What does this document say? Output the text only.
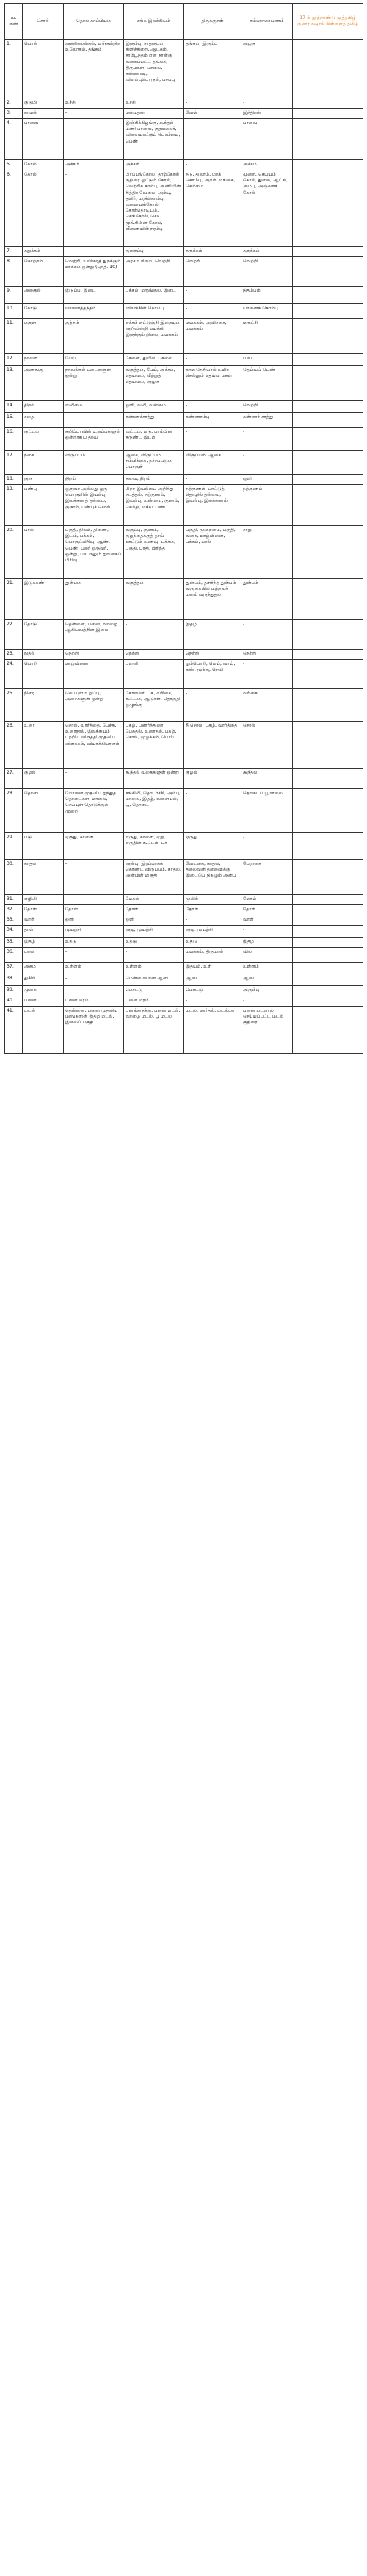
வ. எண்	சொல்	தொல் காப்பியம்	சங்க இலக்கியம்	திருக்குறள்	கம்பராமாயணம்	17-ம் நூற்றாண்டு முத்தமிழ் குமார கவுசல் பிள்ளைத் தமிழ்
1.	பொன்	அணிகலன்கள், மஞ்சள்நிற உலோகம், தங்கம்	இரும்பு, சாதரூபம், கிளிச்சிறை, ஆடகம், சாம்பூநதம் என நான்கு வகைப்பட்ட தங்கம், திருமகள், பசலை, கண்ணாடி, விளம்புபொருள், பசப்பு	தங்கம், இரும்பு	அழகு	
2.	குடுமி	உச்சி	உச்சி	-	-	
3.	காமன்	-	மன்மதன்	வேள்	இந்திரன்	
4.	பாவை	-	இஞ்சிக்கிழங்கு, கூந்தல் மணி பாவை, குரவமலர், விளையாட்டுப் பொம்மை, பெண்	-	பாவை	
5.	கோல்	அச்சம்	அச்சம்	-	அச்சம்	
6.	கோல்	-	பிரப்பங்கோல், தாழ்கோல் குதிரை ஓட்டும் கோல், வெற்றிக் காம்பு, அணியின் சித்திர வேலை, அம்பு, தளிர், மரக்கொம்பு, வளையுங்கோல், கோற்தொடியும், செங்கோல், செடி, மூங்கிலின் கோல், வீணையின் நரம்பு	நடு, துலாம், மரக் கொம்பு, அறம், மங்கை, செம்மை	முறை, செய்யும் கோல், துலை, ஆட்சி, அம்பு, அஞ்சனக் கோல்	
7.	சுறுக்கம்	-	குறைப்பு	சுருக்கம்	சுருக்கம்	
8.	கொற்றம்	வெற்றி, உயிரைத் துறக்கும் ஊக்கம் ஒன்று (புறத். 10)	அரச உரிமை, வெற்றி	வெற்றி	வெற்றி	
9.	அலகுல்	இடுப்பு, இடை	பக்கம், மருங்குல், இடை	-	நிதம்பம்	
10.	கோடு	யானைத்தந்தம்	விலங்கின் கொம்பு	-	யானைக் கொம்பு	
11.	மருள்	குற்றம்	எச்சம் எட்டுஞ்சி இறையும் அறிவின்றி மயக்கி இருக்கும் நிலை, மயக்கம்	மயக்கம், அவிச்சை, மயக்கம்	மருட்சி	
12.	நாளை	பேய்	சேனை, துயில், புகலை	-	படை	
13.	அணங்கு	நாவல்கல் படைகளுள் ஒன்று	வருத்தம், பேய், அச்சம், தெய்வம், வீற்றுத் தெய்வம், அழகு	காம நெறியால் உயிர் செல்லும் தெய்வ மகள்	தெய்வப் பெண்	
14.	திறல்	வலிமை	ஒளி, வலி, வன்மை	-	வெற்றி	
15.	சதை	-	கண்ணச்சாத்து	கண்ணாம்பு	கண்ணச் சாத்து	
16.	குட்டம்	கலிப்பாவின் உறுப்புகளுள் ஒன்றாகிய தரவு	வட்டம், மடு, பாம்பின் சுருண்ட இடம்	-	-	
17.	நசை	விருப்பம்	ஆசை, விருப்பம், நம்பிக்கை, நச்சப்படும் பொருள்	விருப்பம், ஆசை	-	
18.	குரு	நிறம்	சுவை, நிறம்	-	ஒளி	
19.	பண்பு	ஒருவர் அல்லது ஒரு பொருளின் இயல்பு, இலக்கணத் தன்மை, குணம், பண்புச் சொல்	பிறர் இயல்பை அறிந்து நடத்தல், நற்குணம், இயல்பு, உண்மை, குணம், செய்தி, மக்கட்பண்பு	நற்குணம், பாட்டுத் தொழில் தன்மை, இயல்பு, இலக்கணம்	நற்குணம்	
20.	பால்	பகுதி, நிலம், திணை, இடம், பக்கம், பொருட்பிரிவு, ஆண், பெண், பலர் ஒருவர், ஒன்று, பல எனும் ஐவகைப் பிரிவு	வகுப்பு, குணம், குழந்தைக்குத் தாய் ஊட்டும் உணவு, பக்கம், பகுதி, பாதி, பிரிந்த	பகுதி, முறைமை, பகுதி, வகை, ஊழ்வினை, பக்கம், பால்	சாறு	
21.	இடுக்கண்	துன்பம்	வருத்தம்	துன்பம், தளர்ந்த துன்பம் வருகையில் மற்றவர் மனம் வருந்துதல்	துன்பம்	
22.	தோடு	தென்னை, பனை, வாழை ஆகியவற்றின் இலை	-	இதழ்	-	
23.	நுதல்	நெற்றி	நெற்றி	நெற்றி	நெற்றி	
24.	பொறி	ஊழ்வினை	புள்ளி	ஐம்பொறி, மெய், வாய், கண், மூக்கு, செவி	-	
25.	நிரை	செய்யுள் உறுப்பு, அசைகளுள் ஒன்று	கோவலர், பசு, வரிசை, கூட்டம், ஆடுகள், தொகுதி, ஒழுங்கு	-	வரிசை	
26.	உரை	சொல், வார்த்தை, பேச்சு, உரைநூல், இலக்கியம் பற்றிய விருத்தி முதலிய விளக்கம், வியாக்கியானம்	புகழ், புணர்ந்துரை, பேசுதல், உரைதல், புகழ், சொல், முழக்கம், பெரிய	நீ சொல், புகழ், வார்த்தை	சொல்	
27.	குழல்	-	கூந்தல் வகைகளுள் ஒன்று	குழல்	கூந்தல்	
28.	தொடை	மோனை முதலிய ஐந்துத் தொடைகள், மாலை, செய்யுள் தொடுக்கும் முறை	சங்கிலி, தொடர்ச்சி, அம்பு, மாலை, இதழ், வளையல், பூ, தொடை	-	தொடைப் பூமாலை	
29.	படு	ஏருது, காளை	எருது, காளை, ஏறு, எருதின் கூட்டம், பசு	ஏருது	-	
30.	காதல்	-	அன்பு, இரப்பாகக் கொண்ட விருப்பம், காதல், அன்பின் மிகுதி	வேட்கை, காதல், தலைவன் தலைவிக்கு இடையே நிகழும் அன்பு	பேராசை	
31.	எழிலி	-	மேகம்	முகில்	மேகம்	
32.	தோள்	தோள்	தோள்	தோள்	தோள்	
33.	வாள்	ஒளி	ஒளி	-	வாள்	
34.	தாள்	முயற்சி	அடி, முயற்சி	அடி, முயற்சி	-	
35.	இதழ்	உதடு	உதடு	உதடு	இதழ்	
36.	மால்	-	-	மயக்கம், திருமால்	வில்	
37.	அகம்	உள்ளம்	உள்ளம்	இதயம், உள்	உள்ளம்	
38.	துகில்	-	மென்மையான ஆடை	ஆடை	ஆடை	
39.	முகை	-	மொட்டு	மொட்டு	அரும்பு	
40.	பனை	பனை மரம்	பனை மரம்	-	-	
41.	மடல்	தென்னை, பனை முதலிய மரங்களின் இதழ் மடல், இலைப் பகுதி	பனங்கருக்கு, பனை மடல், வாழை மடல், பூ மடல்	மடல், ஊர்தல், மடல்மா	பனை மடலால் செய்யப்பட்ட மடல் குதிரை	
